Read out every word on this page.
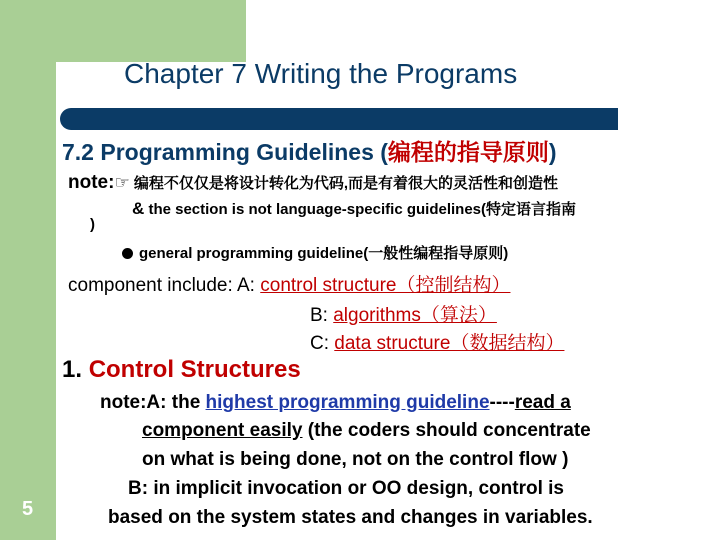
Chapter 7 Writing the Programs
7.2 Programming Guidelines (编程的指导原则)
note:☞ 编程不仅仅是将设计转化为代码,而是有着很大的灵活性和创造性
& the section is not language-specific guidelines(特定语言指南
)
general programming guideline(一般性编程指导原则)
component include: A: control structure（控制结构）
B: algorithms（算法）
C: data structure（数据结构）
1. Control Structures
note:A: the highest programming guideline----read a
component easily (the coders should concentrate
on what is being done, not on the control flow )
B: in implicit invocation or OO design, control is
based on the system states and changes in variables.
5
